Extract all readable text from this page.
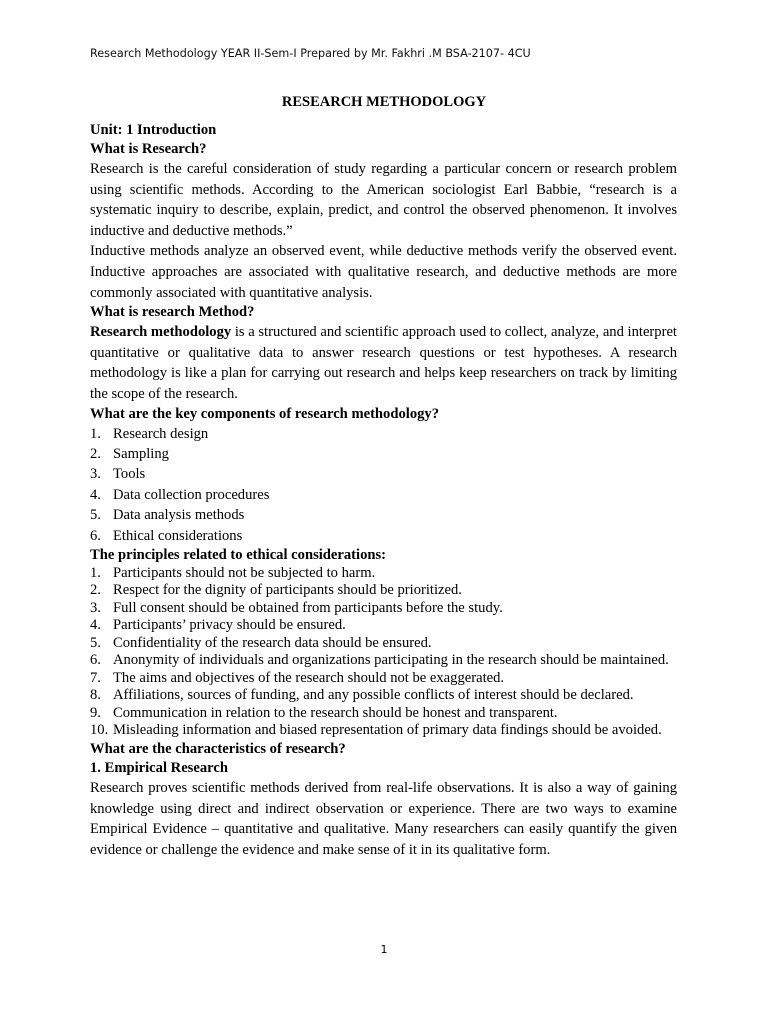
Research Methodology YEAR II-Sem-I Prepared by Mr. Fakhri .M BSA-2107- 4CU
RESEARCH METHODOLOGY

Unit: 1 Introduction

What is Research?

Research is the careful consideration of study regarding a particular concern or research problem using scientific methods. According to the American sociologist Earl Babbie, “research is a systematic inquiry to describe, explain, predict, and control the observed phenomenon. It involves inductive and deductive methods.”

Inductive methods analyze an observed event, while deductive methods verify the observed event. Inductive approaches are associated with qualitative research, and deductive methods are more commonly associated with quantitative analysis.

What is research Method?

Research methodology is a structured and scientific approach used to collect, analyze, and interpret quantitative or qualitative data to answer research questions or test hypotheses. A research methodology is like a plan for carrying out research and helps keep researchers on track by limiting the scope of the research.

What are the key components of research methodology?

1. Research design
2. Sampling
3. Tools
4. Data collection procedures
5. Data analysis methods
6. Ethical considerations

The principles related to ethical considerations:

1. Participants should not be subjected to harm.
2. Respect for the dignity of participants should be prioritized.
3. Full consent should be obtained from participants before the study.
4. Participants’ privacy should be ensured.
5. Confidentiality of the research data should be ensured.
6. Anonymity of individuals and organizations participating in the research should be maintained.
7. The aims and objectives of the research should not be exaggerated.
8. Affiliations, sources of funding, and any possible conflicts of interest should be declared.
9. Communication in relation to the research should be honest and transparent.
10. Misleading information and biased representation of primary data findings should be avoided.

What are the characteristics of research?

1. Empirical Research

Research proves scientific methods derived from real-life observations. It is also a way of gaining knowledge using direct and indirect observation or experience. There are two ways to examine Empirical Evidence – quantitative and qualitative. Many researchers can easily quantify the given evidence or challenge the evidence and make sense of it in its qualitative form.

1
